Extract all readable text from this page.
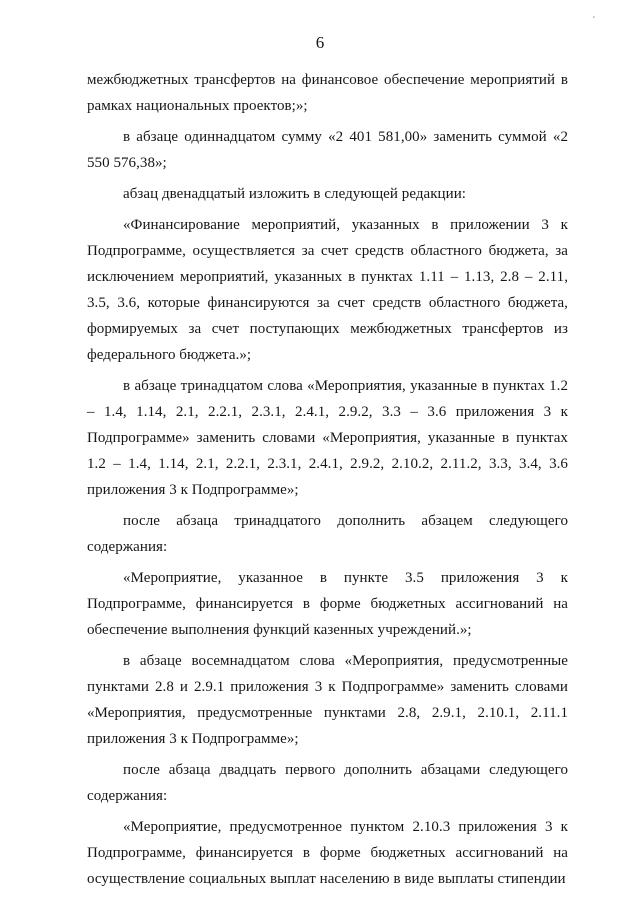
ˊ
6

межбюджетных трансфертов на финансовое обеспечение мероприятий в рамках национальных проектов;»;

в абзаце одиннадцатом сумму «2 401 581,00» заменить суммой «2 550 576,38»;

абзац двенадцатый изложить в следующей редакции:

«Финансирование мероприятий, указанных в приложении 3 к Подпрограмме, осуществляется за счет средств областного бюджета, за исключением мероприятий, указанных в пунктах 1.11 – 1.13, 2.8 – 2.11, 3.5, 3.6, которые финансируются за счет средств областного бюджета, формируемых за счет поступающих межбюджетных трансфертов из федерального бюджета.»;

в абзаце тринадцатом слова «Мероприятия, указанные в пунктах 1.2 – 1.4, 1.14, 2.1, 2.2.1, 2.3.1, 2.4.1, 2.9.2, 3.3 – 3.6 приложения 3 к Подпрограмме» заменить словами «Мероприятия, указанные в пунктах 1.2 – 1.4, 1.14, 2.1, 2.2.1, 2.3.1, 2.4.1, 2.9.2, 2.10.2, 2.11.2, 3.3, 3.4, 3.6 приложения 3 к Подпрограмме»;

после абзаца тринадцатого дополнить абзацем следующего содержания:

«Мероприятие, указанное в пункте 3.5 приложения 3 к Подпрограмме, финансируется в форме бюджетных ассигнований на обеспечение выполнения функций казенных учреждений.»;

в абзаце восемнадцатом слова «Мероприятия, предусмотренные пунктами 2.8 и 2.9.1 приложения 3 к Подпрограмме» заменить словами «Мероприятия, предусмотренные пунктами 2.8, 2.9.1, 2.10.1, 2.11.1 приложения 3 к Подпрограмме»;

после абзаца двадцать первого дополнить абзацами следующего содержания:

«Мероприятие, предусмотренное пунктом 2.10.3 приложения 3 к Подпрограмме, финансируется в форме бюджетных ассигнований на осуществление социальных выплат населению в виде выплаты стипендии
